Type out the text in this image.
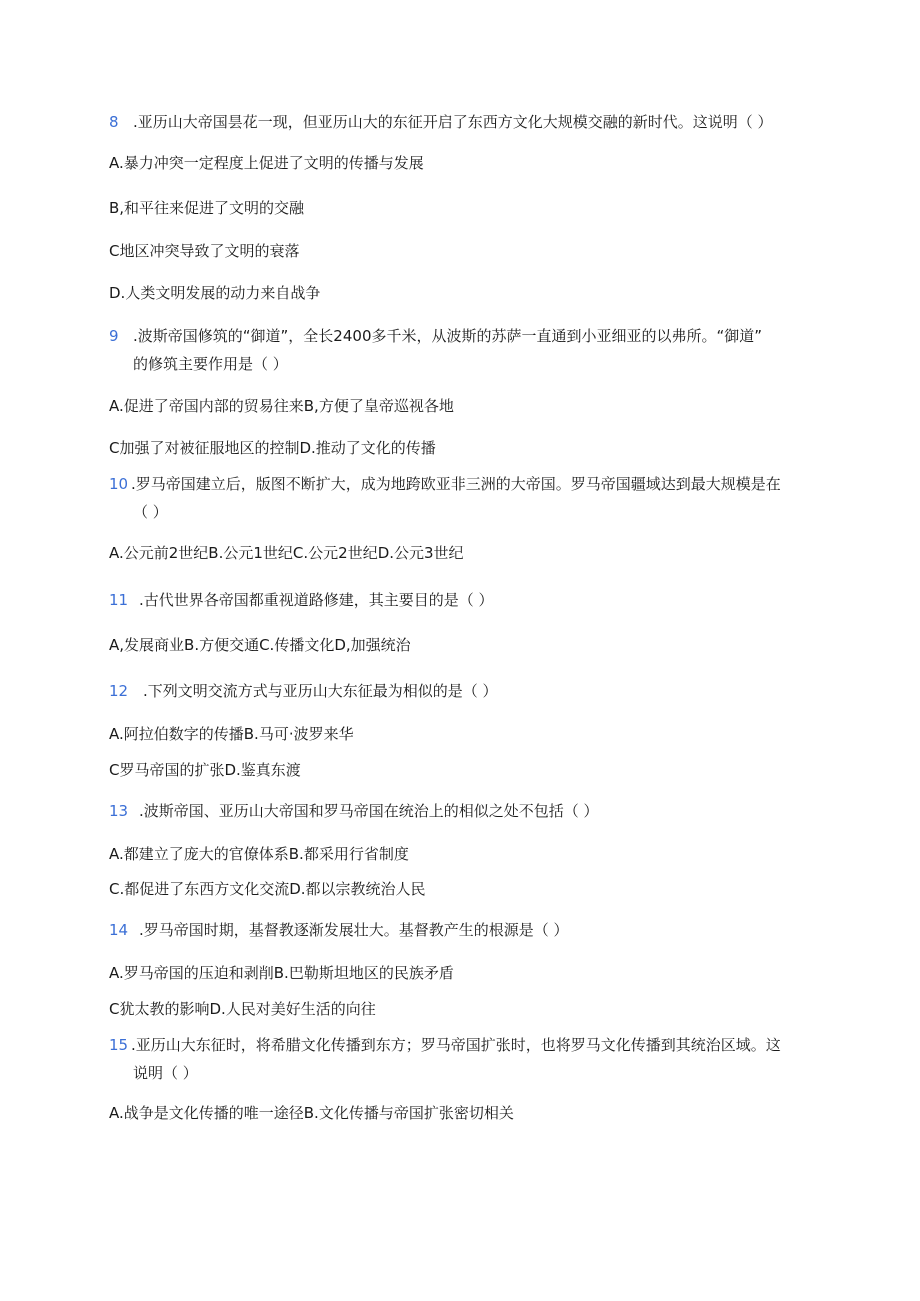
8 .亚历山大帝国昙花一现，但亚历山大的东征开启了东西方文化大规模交融的新时代。这说明（ ）
A.暴力冲突一定程度上促进了文明的传播与发展
B,和平往来促进了文明的交融
C地区冲突导致了文明的衰落
D.人类文明发展的动力来自战争
9 .波斯帝国修筑的“御道”，全长2400多千米，从波斯的苏萨一直通到小亚细亚的以弗所。“御道”
的修筑主要作用是（ ）
A.促进了帝国内部的贸易往来B,方便了皇帝巡视各地
C加强了对被征服地区的控制D.推动了文化的传播
10 .罗马帝国建立后，版图不断扩大，成为地跨欧亚非三洲的大帝国。罗马帝国疆域达到最大规模是在
（ ）
A.公元前2世纪B.公元1世纪C.公元2世纪D.公元3世纪
11 .古代世界各帝国都重视道路修建，其主要目的是（ ）
A,发展商业B.方便交通C.传播文化D,加强统治
12 .下列文明交流方式与亚历山大东征最为相似的是（ ）
A.阿拉伯数字的传播B.马可·波罗来华
C罗马帝国的扩张D.鉴真东渡
13 .波斯帝国、亚历山大帝国和罗马帝国在统治上的相似之处不包括（ ）
A.都建立了庞大的官僚体系B.都采用行省制度
C.都促进了东西方文化交流D.都以宗教统治人民
14 .罗马帝国时期，基督教逐渐发展壮大。基督教产生的根源是（ ）
A.罗马帝国的压迫和剥削B.巴勒斯坦地区的民族矛盾
C犹太教的影响D.人民对美好生活的向往
15 .亚历山大东征时，将希腊文化传播到东方；罗马帝国扩张时，也将罗马文化传播到其统治区域。这
说明（ ）
A.战争是文化传播的唯一途径B.文化传播与帝国扩张密切相关
